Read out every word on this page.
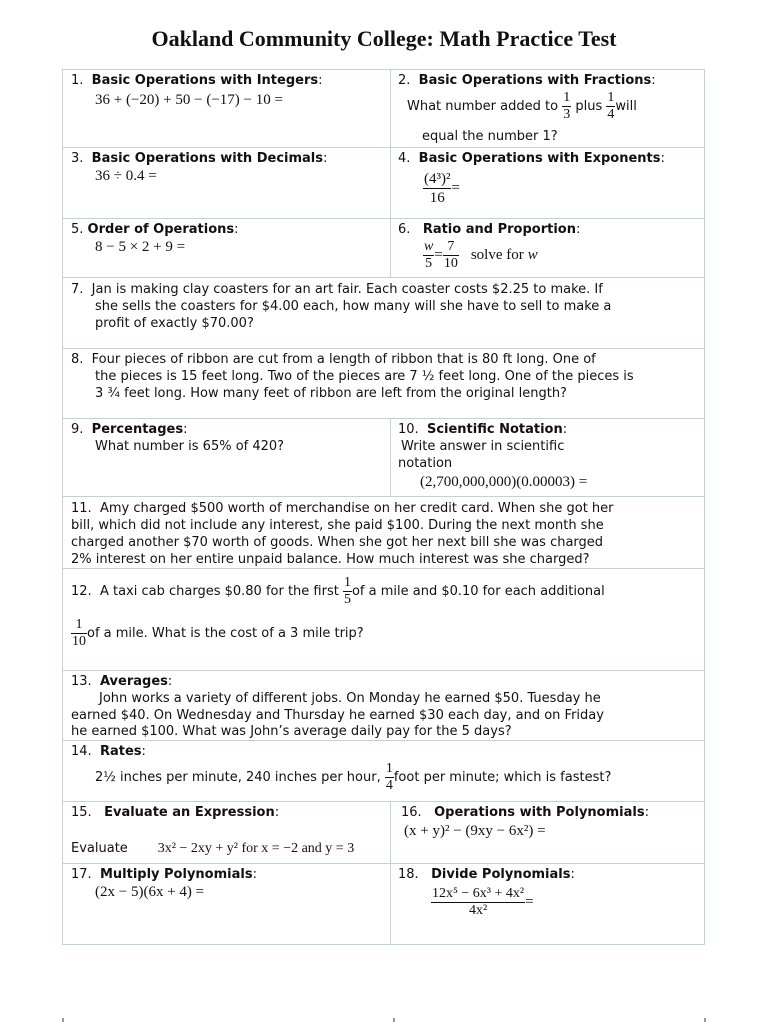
Oakland Community College: Math Practice Test
1. Basic Operations with Integers:
36 + (−20) + 50 − (−17) − 10 =
2. Basic Operations with Fractions:
What number added to
$\frac{1}{3}$
plus
$\frac{1}{4}$ will
equal the number 1?
3. Basic Operations with Decimals:
36 ÷ 0.4 =
4. Basic Operations with Exponents:
$\frac{\text{(4³)²}}{16}$ =
5. Order of Operations:
8 − 5 × 2 + 9 =
6. Ratio and Proportion:
$\frac{w}{5} = \frac{7}{10}$ solve for
w
7. Jan is making clay coasters for an art fair. Each coaster costs $2.25 to make. If
she sells the coasters for $4.00 each, how many will she have to sell to make a
profit of exactly $70.00?
8. Four pieces of ribbon are cut from a length of ribbon that is 80 ft long. One of
the pieces is 15 feet long. Two of the pieces are 7 ½ feet long. One of the pieces is
3 ¾ feet long. How many feet of ribbon are left from the original length?
9. Percentages:
What number is 65% of 420?
10. Scientific Notation:
Write answer in scientific
notation
(2,700,000,000)(0.00003) =
11. Amy charged $500 worth of merchandise on her credit card. When she got her
bill, which did not include any interest, she paid $100. During the next month she
charged another $70 worth of goods. When she got her next bill she was charged
2% interest on her entire unpaid balance. How much interest was she charged?
12.
A taxi cab charges $0.80 for the first
$\frac{1}{5}$ of a mile and $0.10 for each additional
$\frac{1}{10}$ of a mile. What is the cost of a 3 mile trip?
13. Averages:
John works a variety of different jobs. On Monday he earned $50. Tuesday he
earned $40. On Wednesday and Thursday he earned $30 each day, and on Friday
he earned $100. What was John’s average daily pay for the 5 days?
14. Rates:
2½ inches per minute, 240 inches per hour,
$\frac{1}{4}$ foot per minute; which is fastest?
15. Evaluate an Expression:
Evaluate 3x² − 2xy + y² for x = −2 and y = 3
16. Operations with Polynomials:
(x + y)² − (9xy − 6x²) =
17. Multiply Polynomials:
(2x − 5)(6x + 4) =
18. Divide Polynomials:
$\frac{\text{12x⁵ − 6x³ + 4x²}}{\text{4x²}}$ =
